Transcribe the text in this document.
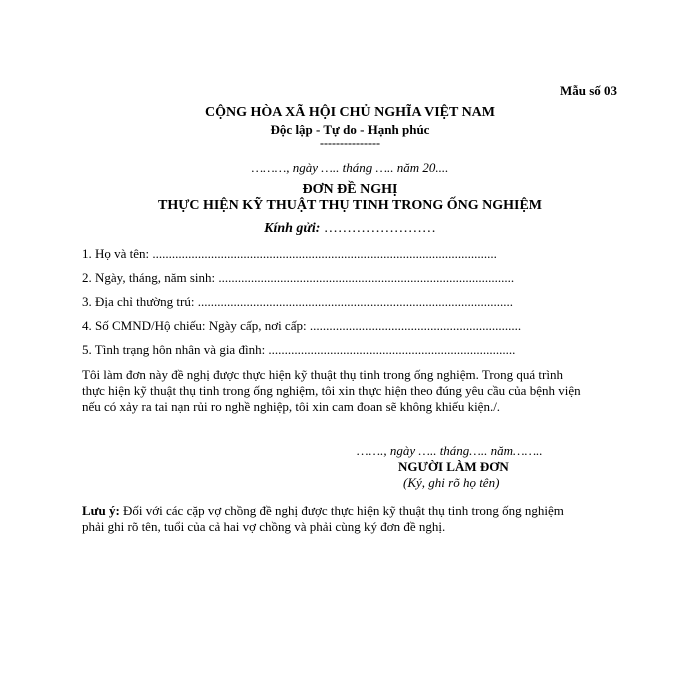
Mẫu số 03
CỘNG HÒA XÃ HỘI CHỦ NGHĨA VIỆT NAM
Độc lập - Tự do - Hạnh phúc
---------------
………, ngày ….. tháng ….. năm 20....
ĐƠN ĐỀ NGHỊ
THỰC HIỆN KỸ THUẬT THỤ TINH TRONG ỐNG NGHIỆM
Kính gửi: ……………………
1. Họ và tên: ..........................................................................................................
2. Ngày, tháng, năm sinh: ...........................................................................................
3. Địa chỉ thường trú: .................................................................................................
4. Số CMND/Hộ chiếu: Ngày cấp, nơi cấp: .................................................................
5. Tình trạng hôn nhân và gia đình: ............................................................................
Tôi làm đơn này đề nghị được thực hiện kỹ thuật thụ tinh trong ống nghiệm. Trong quá trình
thực hiện kỹ thuật thụ tinh trong ống nghiệm, tôi xin thực hiện theo đúng yêu cầu của bệnh viện
nếu có xảy ra tai nạn rủi ro nghề nghiệp, tôi xin cam đoan sẽ không khiếu kiện./.
……., ngày ….. tháng….. năm……..
NGƯỜI LÀM ĐƠN
(Ký, ghi rõ họ tên)
Lưu ý: Đối với các cặp vợ chồng đề nghị được thực hiện kỹ thuật thụ tinh trong ống nghiệm
phải ghi rõ tên, tuổi của cả hai vợ chồng và phải cùng ký đơn đề nghị.
